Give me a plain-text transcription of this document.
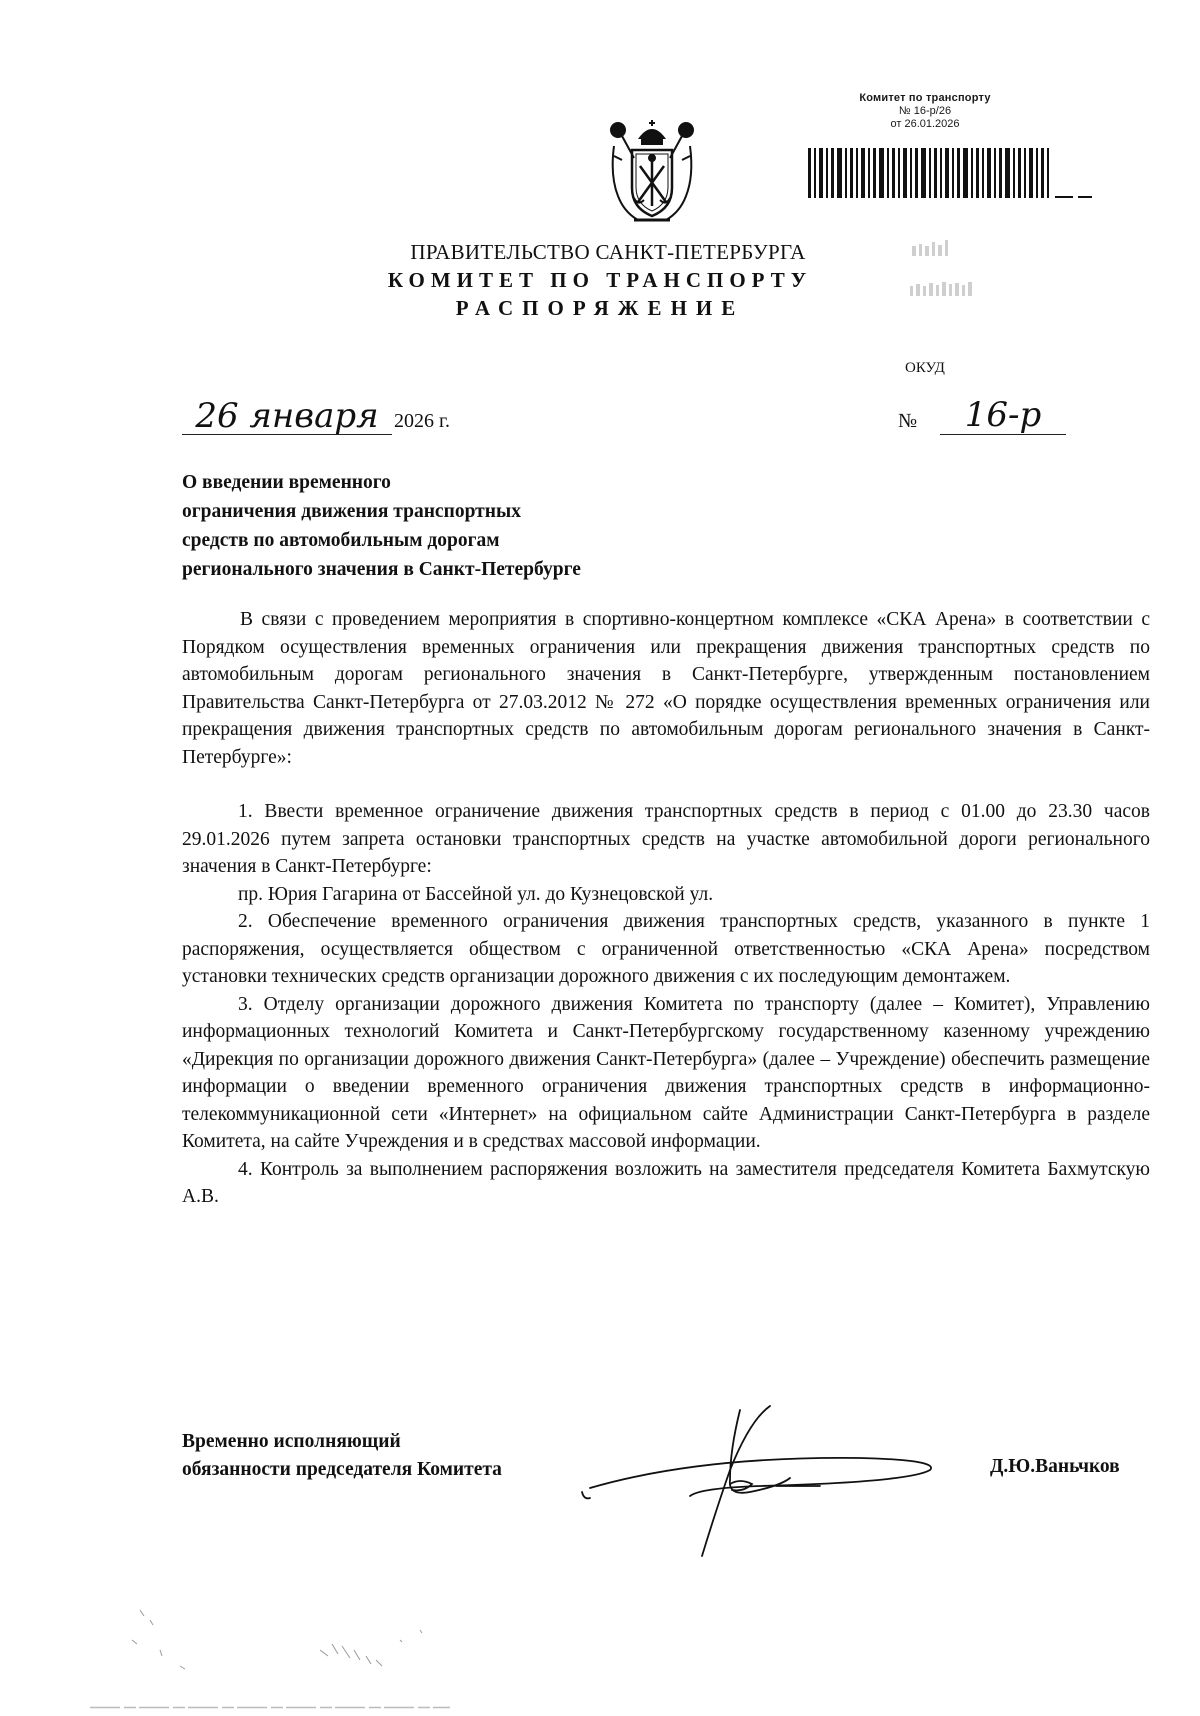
Комитет по транспорту
№ 16-р/26
от 26.01.2026
ПРАВИТЕЛЬСТВО САНКТ-ПЕТЕРБУРГА
КОМИТЕТ ПО ТРАНСПОРТУ
РАСПОРЯЖЕНИЕ
ОКУД
26 января 2026 г.	№	16-р
О введении временного
ограничения движения транспортных
средств по автомобильным дорогам
регионального значения в Санкт-Петербурге

В связи с проведением мероприятия в спортивно-концертном комплексе «СКА Арена» в соответствии с Порядком осуществления временных ограничения или прекращения движения транспортных средств по автомобильным дорогам регионального значения в Санкт-Петербурге, утвержденным постановлением Правительства Санкт-Петербурга от 27.03.2012 № 272 «О порядке осуществления временных ограничения или прекращения движения транспортных средств по автомобильным дорогам регионального значения в Санкт-Петербурге»:

1. Ввести временное ограничение движения транспортных средств в период с 01.00 до 23.30 часов 29.01.2026 путем запрета остановки транспортных средств на участке автомобильной дороги регионального значения в Санкт-Петербурге:

пр. Юрия Гагарина от Бассейной ул. до Кузнецовской ул.

2. Обеспечение временного ограничения движения транспортных средств, указанного в пункте 1 распоряжения, осуществляется обществом с ограниченной ответственностью «СКА Арена» посредством установки технических средств организации дорожного движения с их последующим демонтажем.

3. Отделу организации дорожного движения Комитета по транспорту (далее – Комитет), Управлению информационных технологий Комитета и Санкт-Петербургскому государственному казенному учреждению «Дирекция по организации дорожного движения Санкт-Петербурга» (далее – Учреждение) обеспечить размещение информации о введении временного ограничения движения транспортных средств в информационно-телекоммуникационной сети «Интернет» на официальном сайте Администрации Санкт-Петербурга в разделе Комитета, на сайте Учреждения и в средствах массовой информации.

4. Контроль за выполнением распоряжения возложить на заместителя председателя Комитета Бахмутскую А.В.

Временно исполняющий
обязанности председателя Комитета	Д.Ю.Ваньчков
